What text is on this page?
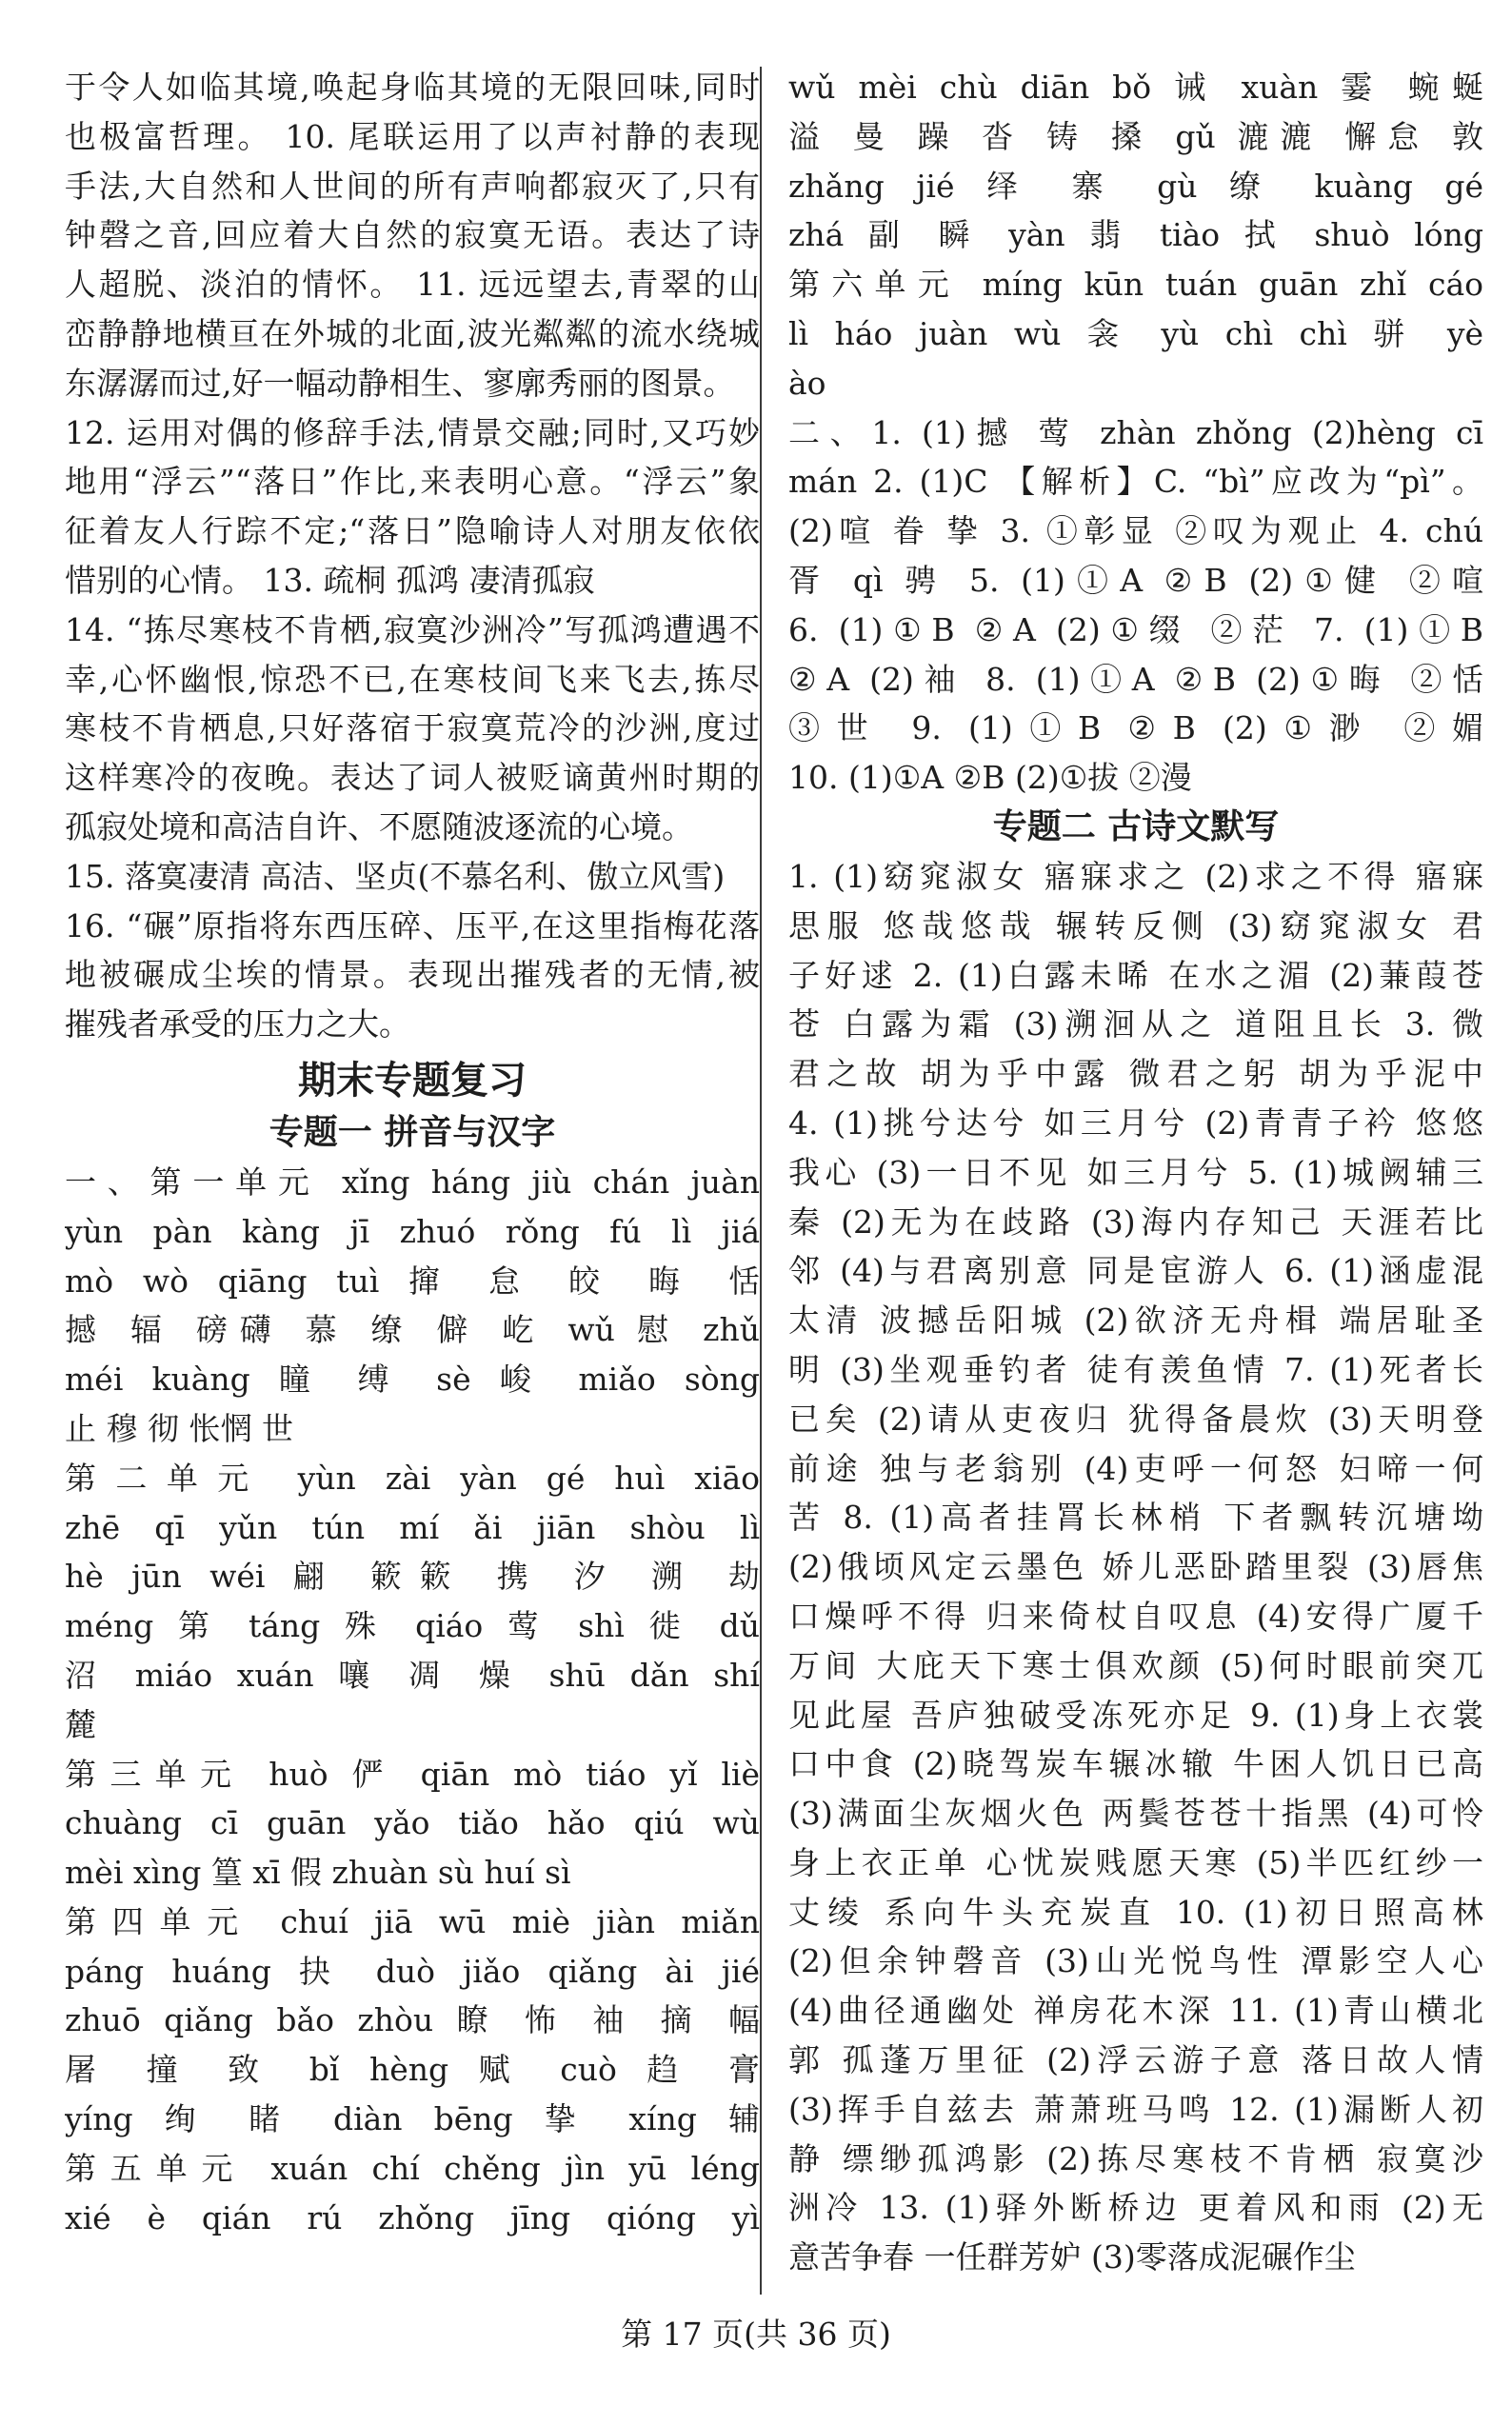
于令人如临其境,唤起身临其境的无限回味,同时
也极富哲理。 10. 尾联运用了以声衬静的表现
手法,大自然和人世间的所有声响都寂灭了,只有
钟磬之音,回应着大自然的寂寞无语。表达了诗
人超脱、淡泊的情怀。 11. 远远望去,青翠的山
峦静静地横亘在外城的北面,波光粼粼的流水绕城
东潺潺而过,好一幅动静相生、寥廓秀丽的图景。
12. 运用对偶的修辞手法,情景交融;同时,又巧妙
地用“浮云”“落日”作比,来表明心意。“浮云”象
征着友人行踪不定;“落日”隐喻诗人对朋友依依
惜别的心情。 13. 疏桐 孤鸿 凄清孤寂
14. “拣尽寒枝不肯栖,寂寞沙洲冷”写孤鸿遭遇不
幸,心怀幽恨,惊恐不已,在寒枝间飞来飞去,拣尽
寒枝不肯栖息,只好落宿于寂寞荒冷的沙洲,度过
这样寒冷的夜晚。表达了词人被贬谪黄州时期的
孤寂处境和高洁自许、不愿随波逐流的心境。
15. 落寞凄清 高洁、坚贞(不慕名利、傲立风雪)
16. “碾”原指将东西压碎、压平,在这里指梅花落
地被碾成尘埃的情景。表现出摧残者的无情,被
摧残者承受的压力之大。
期末专题复习
专题一 拼音与汉字
一、第一单元 xǐng háng jiù chán juàn
yùn pàn kàng jī zhuó rǒng fú lì jiá
mò wò qiāng tuì 撺 怠 皎 晦 恬
撼 辐 磅礴 慕 缭 僻 屹 wǔ 慰 zhǔ
méi kuàng 瞳 缚 sè 峻 miǎo sòng
止 穆 彻 怅惘 世
第二单元 yùn zài yàn gé huì xiāo
zhē qī yǔn tún mí ǎi jiān shòu lì
hè jūn wéi 翩 簌簌 携 汐 溯 劫
méng 第 táng 殊 qiáo 莺 shì 徙 dǔ
沼 miáo xuán 嚷 凋 燥 shū dǎn shí
麓
第三单元 huò 俨 qiān mò tiáo yǐ liè
chuàng cī guān yǎo tiǎo hǎo qiú wù
mèi xìng 篁 xī 假 zhuàn sù huí sì
第四单元 chuí jiā wū miè jiàn miǎn
páng huáng 抉 duò jiǎo qiǎng ài jié
zhuō qiǎng bǎo zhòu 瞭 怖 袖 摘 幅
屠 撞 致 bǐ hèng 赋 cuò 趋 膏
yíng 绚 睹 diàn bēng 挚 xíng 辅
第五单元 xuán chí chěng jìn yū léng
xié è qián rú zhǒng jīng qióng yì
wǔ mèi chù diān bǒ 诫 xuàn 霎 蜿蜒
溢 曼 躁 沓 铸 搡 gǔ 漉漉 懈怠 敦
zhǎng jié 绎 寨 gù 缭 kuàng gé
zhá 副 瞬 yàn 翡 tiào 拭 shuò lóng
第六单元 míng kūn tuán guān zhǐ cáo
lì háo juàn wù 衾 yù chì chì 骈 yè
ào
二、1. (1)撼 莺 zhàn zhǒng (2)hèng cī
mán 2. (1)C 【解析】C. “bì”应改为“pì”。
(2)喧 眷 挚 3. ①彰显 ②叹为观止 4. chú
胥 qì 骋 5. (1)①A ②B (2)①健 ②喧
6. (1)①B ②A (2)①缀 ②茫 7. (1)①B
②A (2)袖 8. (1)①A ②B (2)①晦 ②恬
③世 9. (1)①B ②B (2)①渺 ②媚
10. (1)①A ②B (2)①拔 ②漫
专题二 古诗文默写
1. (1)窈窕淑女 寤寐求之 (2)求之不得 寤寐
思服 悠哉悠哉 辗转反侧 (3)窈窕淑女 君
子好逑 2. (1)白露未晞 在水之湄 (2)蒹葭苍
苍 白露为霜 (3)溯洄从之 道阻且长 3. 微
君之故 胡为乎中露 微君之躬 胡为乎泥中
4. (1)挑兮达兮 如三月兮 (2)青青子衿 悠悠
我心 (3)一日不见 如三月兮 5. (1)城阙辅三
秦 (2)无为在歧路 (3)海内存知己 天涯若比
邻 (4)与君离别意 同是宦游人 6. (1)涵虚混
太清 波撼岳阳城 (2)欲济无舟楫 端居耻圣
明 (3)坐观垂钓者 徒有羡鱼情 7. (1)死者长
已矣 (2)请从吏夜归 犹得备晨炊 (3)天明登
前途 独与老翁别 (4)吏呼一何怒 妇啼一何
苦 8. (1)高者挂罥长林梢 下者飘转沉塘坳
(2)俄顷风定云墨色 娇儿恶卧踏里裂 (3)唇焦
口燥呼不得 归来倚杖自叹息 (4)安得广厦千
万间 大庇天下寒士俱欢颜 (5)何时眼前突兀
见此屋 吾庐独破受冻死亦足 9. (1)身上衣裳
口中食 (2)晓驾炭车辗冰辙 牛困人饥日已高
(3)满面尘灰烟火色 两鬓苍苍十指黑 (4)可怜
身上衣正单 心忧炭贱愿天寒 (5)半匹红纱一
丈绫 系向牛头充炭直 10. (1)初日照高林
(2)但余钟磬音 (3)山光悦鸟性 潭影空人心
(4)曲径通幽处 禅房花木深 11. (1)青山横北
郭 孤蓬万里征 (2)浮云游子意 落日故人情
(3)挥手自兹去 萧萧班马鸣 12. (1)漏断人初
静 缥缈孤鸿影 (2)拣尽寒枝不肯栖 寂寞沙
洲冷 13. (1)驿外断桥边 更着风和雨 (2)无
意苦争春 一任群芳妒 (3)零落成泥碾作尘
第 17 页(共 36 页)
